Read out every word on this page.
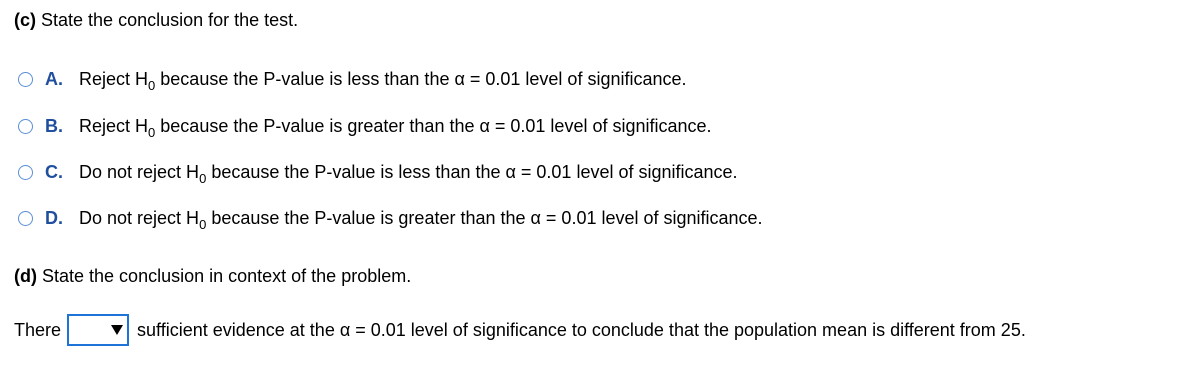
(c) State the conclusion for the test.
A. Reject $H_0$ because the P-value is less than the α = 0.01 level of significance.
B. Reject $H_0$ because the P-value is greater than the α = 0.01 level of significance.
C. Do not reject $H_0$ because the P-value is less than the α = 0.01 level of significance.
D. Do not reject $H_0$ because the P-value is greater than the α = 0.01 level of significance.
(d) State the conclusion in context of the problem.
There	sufficient evidence at the α = 0.01 level of significance to conclude that the population mean is different from 25.
